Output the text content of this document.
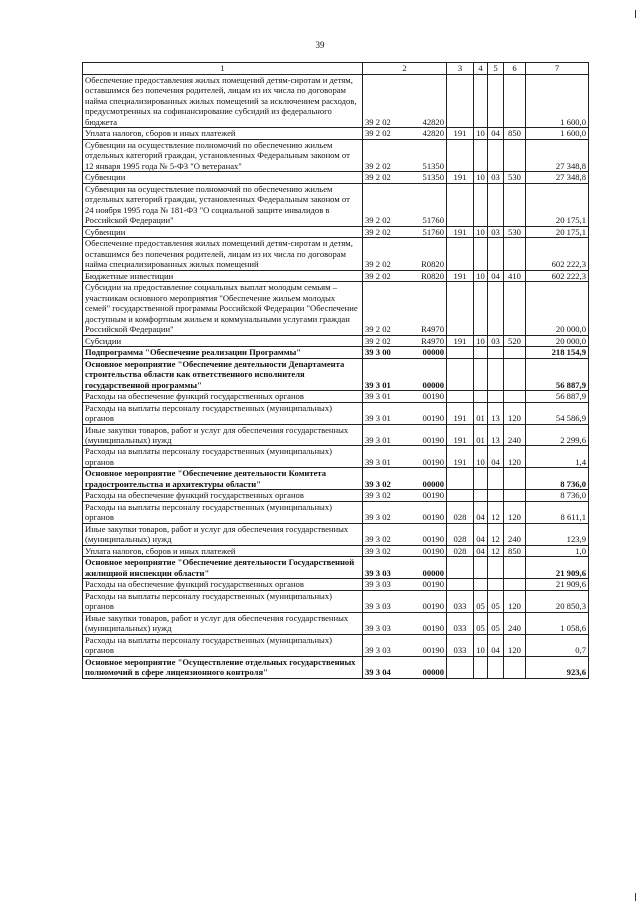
39
1	2	3	4	5	6	7
Обеспечение предоставления жилых помещений детям-сиротам и детям, оставшимся без попечения родителей, лицам из их числа по договорам найма специализированных жилых помещений за исключением расходов, предусмотренных на софинансирование субсидий из федерального бюджета	39 2 02 42820					1 600,0
Уплата налогов, сборов и иных платежей	39 2 02 42820	191	10	04	850	1 600,0
Субвенции на осуществление полномочий по обеспечению жильем отдельных категорий граждан, установленных Федеральным законом от 12 января 1995 года № 5-ФЗ "О ветеранах"	39 2 02 51350					27 348,8
Субвенции	39 2 02 51350	191	10	03	530	27 348,8
Субвенции на осуществление полномочий по обеспечению жильем отдельных категорий граждан, установленных Федеральным законом от 24 ноября 1995 года № 181-ФЗ "О социальной защите инвалидов в Российской Федерации"	39 2 02 51760					20 175,1
Субвенции	39 2 02 51760	191	10	03	530	20 175,1
Обеспечение предоставления жилых помещений детям-сиротам и детям, оставшимся без попечения родителей, лицам из их числа по договорам найма специализированных жилых помещений	39 2 02 R0820					602 222,3
Бюджетные инвестиции	39 2 02 R0820	191	10	04	410	602 222,3
Субсидии на предоставление социальных выплат молодым семьям – участникам основного мероприятия "Обеспечение жильем молодых семей" государственной программы Российской Федерации "Обеспечение доступным и комфортным жильем и коммунальными услугами граждан Российской Федерации"	39 2 02 R4970					20 000,0
Субсидии	39 2 02 R4970	191	10	03	520	20 000,0
Подпрограмма "Обеспечение реализации Программы"	39 3 00 00000					218 154,9
Основное мероприятие "Обеспечение деятельности Департамента строительства области как ответственного исполнителя государственной программы"	39 3 01 00000					56 887,9
Расходы на обеспечение функций государственных органов	39 3 01 00190					56 887,9
Расходы на выплаты персоналу государственных (муниципальных) органов	39 3 01 00190	191	01	13	120	54 586,9
Иные закупки товаров, работ и услуг для обеспечения государственных (муниципальных) нужд	39 3 01 00190	191	01	13	240	2 299,6
Расходы на выплаты персоналу государственных (муниципальных) органов	39 3 01 00190	191	10	04	120	1,4
Основное мероприятие "Обеспечение деятельности Комитета градостроительства и архитектуры области"	39 3 02 00000					8 736,0
Расходы на обеспечение функций государственных органов	39 3 02 00190					8 736,0
Расходы на выплаты персоналу государственных (муниципальных) органов	39 3 02 00190	028	04	12	120	8 611,1
Иные закупки товаров, работ и услуг для обеспечения государственных (муниципальных) нужд	39 3 02 00190	028	04	12	240	123,9
Уплата налогов, сборов и иных платежей	39 3 02 00190	028	04	12	850	1,0
Основное мероприятие "Обеспечение деятельности Государственной жилищной инспекции области"	39 3 03 00000					21 909,6
Расходы на обеспечение функций государственных органов	39 3 03 00190					21 909,6
Расходы на выплаты персоналу государственных (муниципальных) органов	39 3 03 00190	033	05	05	120	20 850,3
Иные закупки товаров, работ и услуг для обеспечения государственных (муниципальных) нужд	39 3 03 00190	033	05	05	240	1 058,6
Расходы на выплаты персоналу государственных (муниципальных) органов	39 3 03 00190	033	10	04	120	0,7
Основное мероприятие "Осуществление отдельных государственных полномочий в сфере лицензионного контроля"	39 3 04 00000					923,6
